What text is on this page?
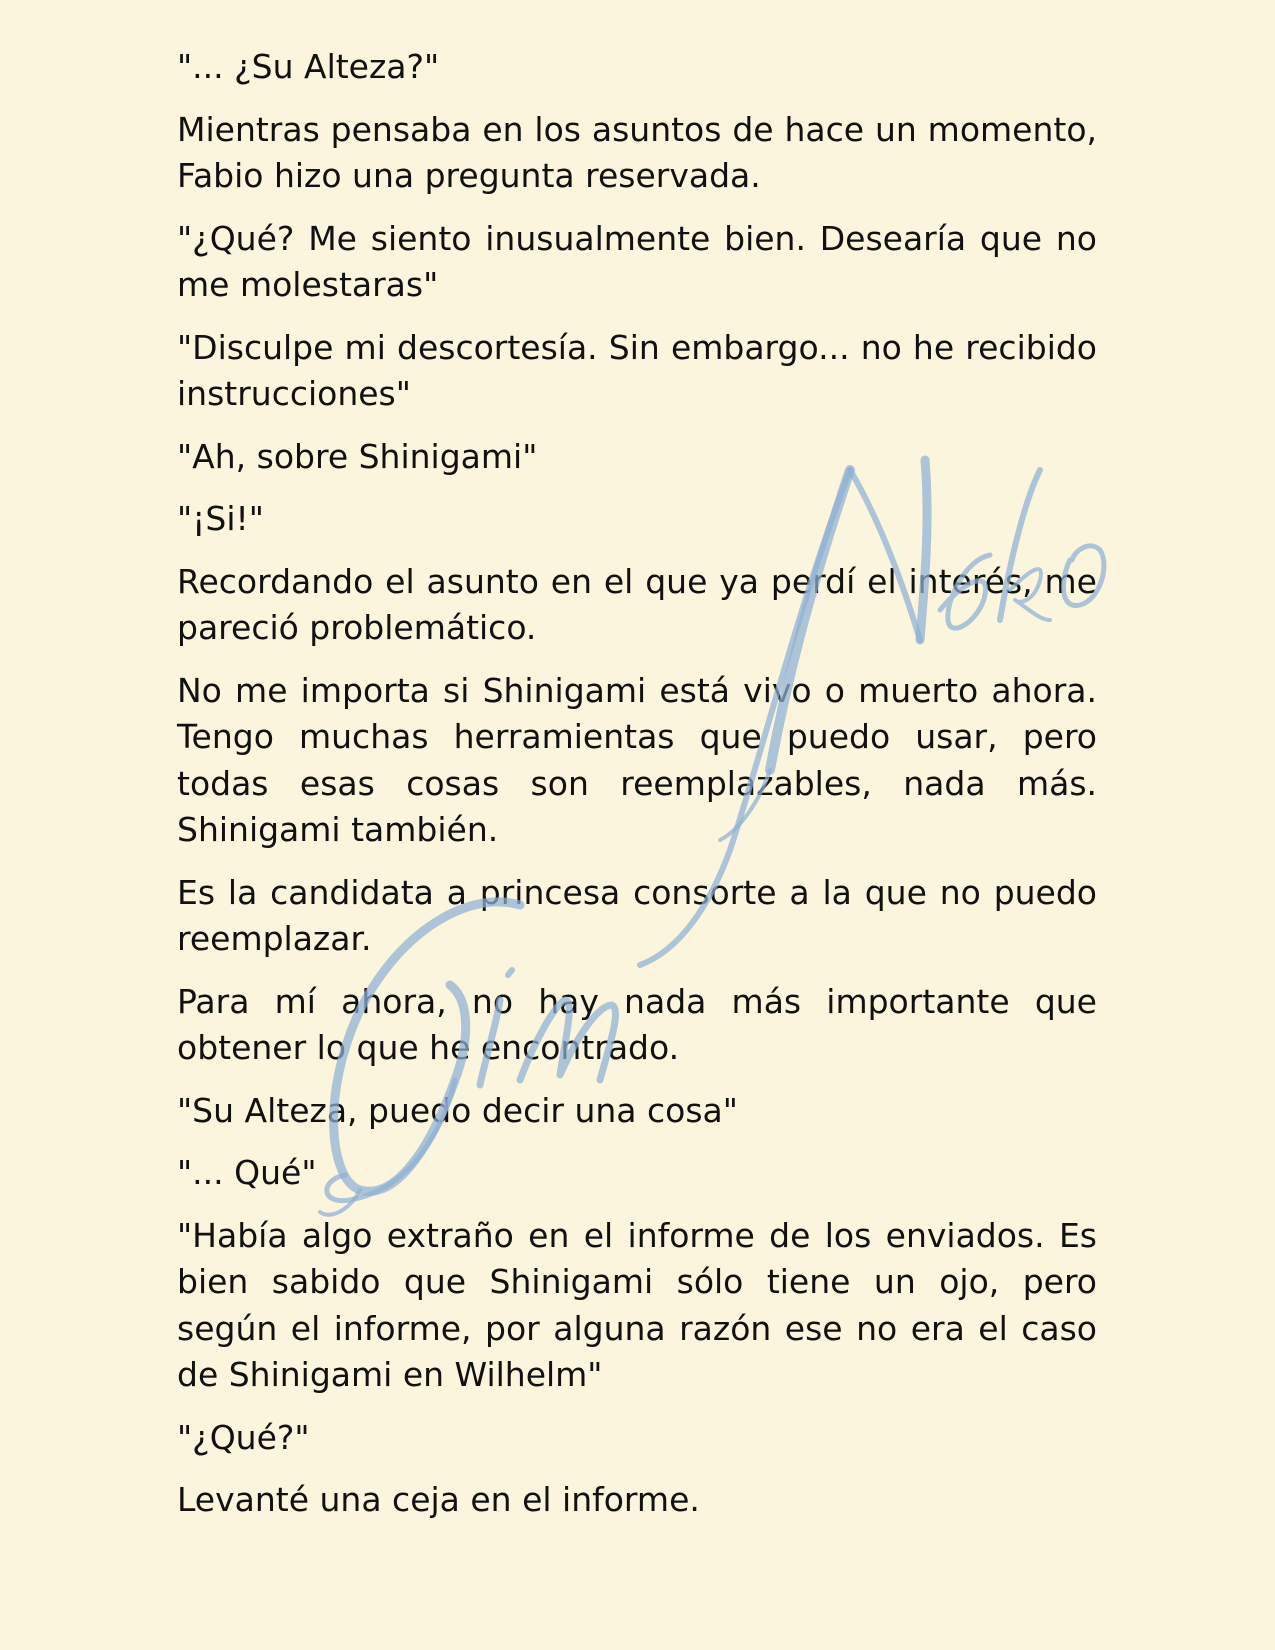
"... ¿Su Alteza?"

Mientras pensaba en los asuntos de hace un momento, Fabio hizo una pregunta reservada.

"¿Qué? Me siento inusualmente bien. Desearía que no me molestaras"

"Disculpe mi descortesía. Sin embargo... no he recibido instrucciones"

"Ah, sobre Shinigami"

"¡Si!"

Recordando el asunto en el que ya perdí el interés, me pareció problemático.

No me importa si Shinigami está vivo o muerto ahora. Tengo muchas herramientas que puedo usar, pero todas esas cosas son reemplazables, nada más. Shinigami también.

Es la candidata a princesa consorte a la que no puedo reemplazar.

Para mí ahora, no hay nada más importante que obtener lo que he encontrado.

"Su Alteza, puedo decir una cosa"

"... Qué"

"Había algo extraño en el informe de los enviados. Es bien sabido que Shinigami sólo tiene un ojo, pero según el informe, por alguna razón ese no era el caso de Shinigami en Wilhelm"

"¿Qué?"

Levanté una ceja en el informe.
